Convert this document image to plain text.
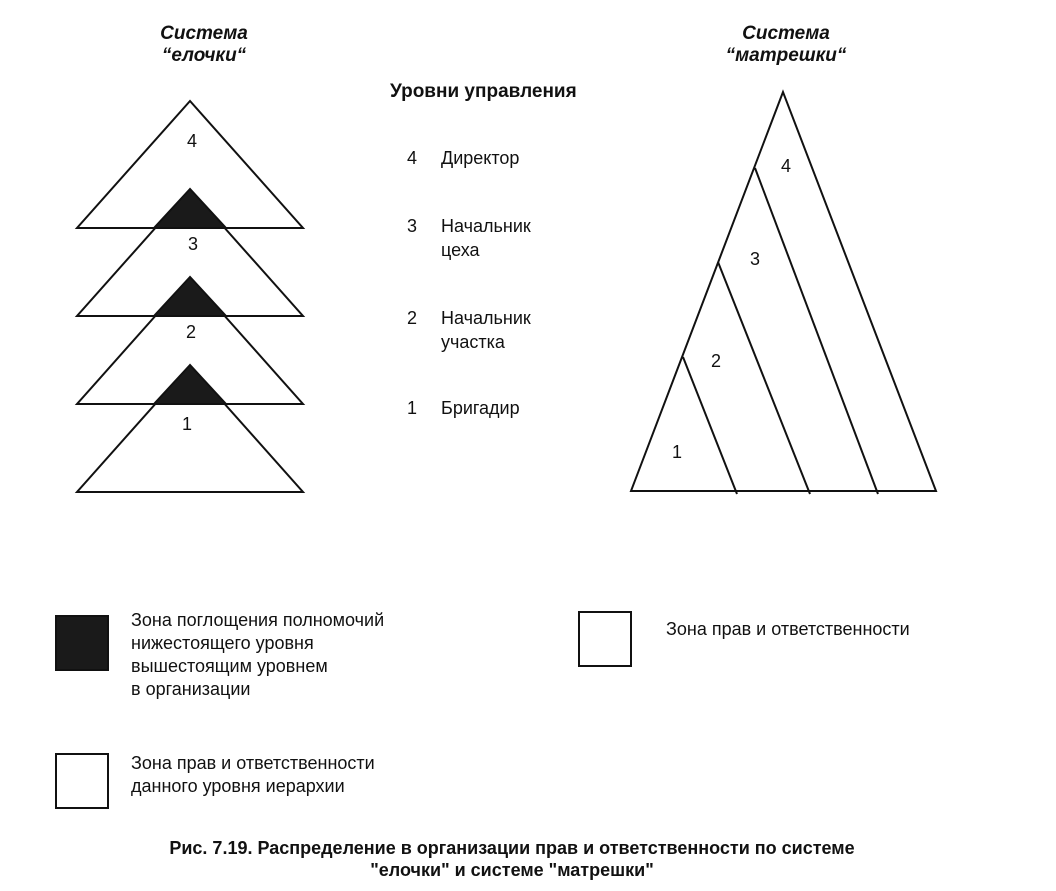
Система
“елочки“
Система
“матрешки“
4
3
2
1
4
3
2
1
Уровни управления
4 Директор
3 Начальник
цеха
2 Начальник
участка
1 Бригадир
Зона поглощения полномочий
нижестоящего уровня
вышестоящим уровнем
в организации
Зона прав и ответственности
Зона прав и ответственности
данного уровня иерархии
Рис. 7.19. Распределение в организации прав и ответственности по системе
"елочки" и системе "матрешки"
